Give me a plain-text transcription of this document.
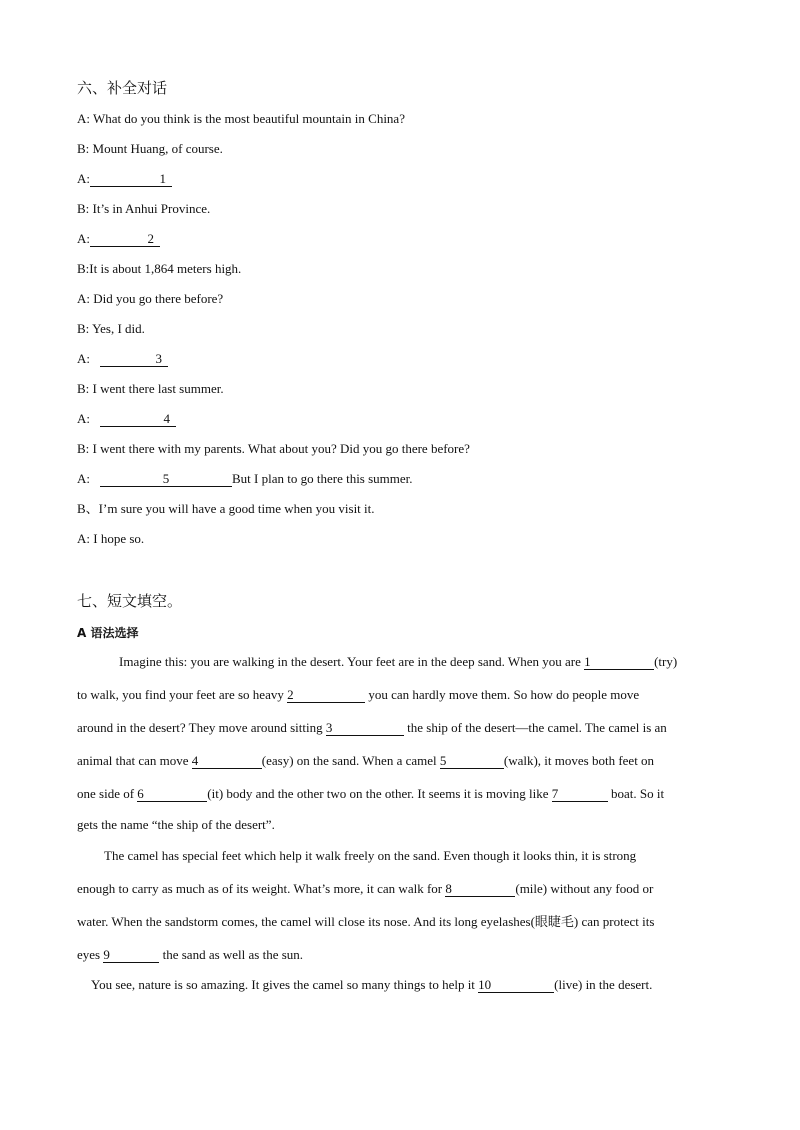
六、补全对话
A: What do you think is the most beautiful mountain in China?
B: Mount Huang, of course.
A:	1
B: It’s in Anhui Province.
A:	2
B:It is about 1,864 meters high.
A: Did you go there before?
B: Yes, I did.
A:	3
B: I went there last summer.
A:	4
B: I went there with my parents. What about you? Did you go there before?
A:	5	But I plan to go there this summer.
B、I’m sure you will have a good time when you visit it.
A: I hope so.
七、短文填空。
A 语法选择
Imagine this: you are walking in the desert. Your feet are in the deep sand. When you are 1	(try)
to walk, you find your feet are so heavy 2	you can hardly move them. So how do people move
around in the desert? They move around sitting 3	the ship of the desert—the camel. The camel is an
animal that can move 4	(easy) on the sand. When a camel 5	(walk), it moves both feet on
one side of 6	(it) body and the other two on the other. It seems it is moving like 7	boat. So it
gets the name “the ship of the desert”.
The camel has special feet which help it walk freely on the sand. Even though it looks thin, it is strong
enough to carry as much as of its weight. What’s more, it can walk for 8	(mile) without any food or
water. When the sandstorm comes, the camel will close its nose. And its long eyelashes(眼睫毛) can protect its
eyes 9	the sand as well as the sun.
You see, nature is so amazing. It gives the camel so many things to help it 10	(live) in the desert.
